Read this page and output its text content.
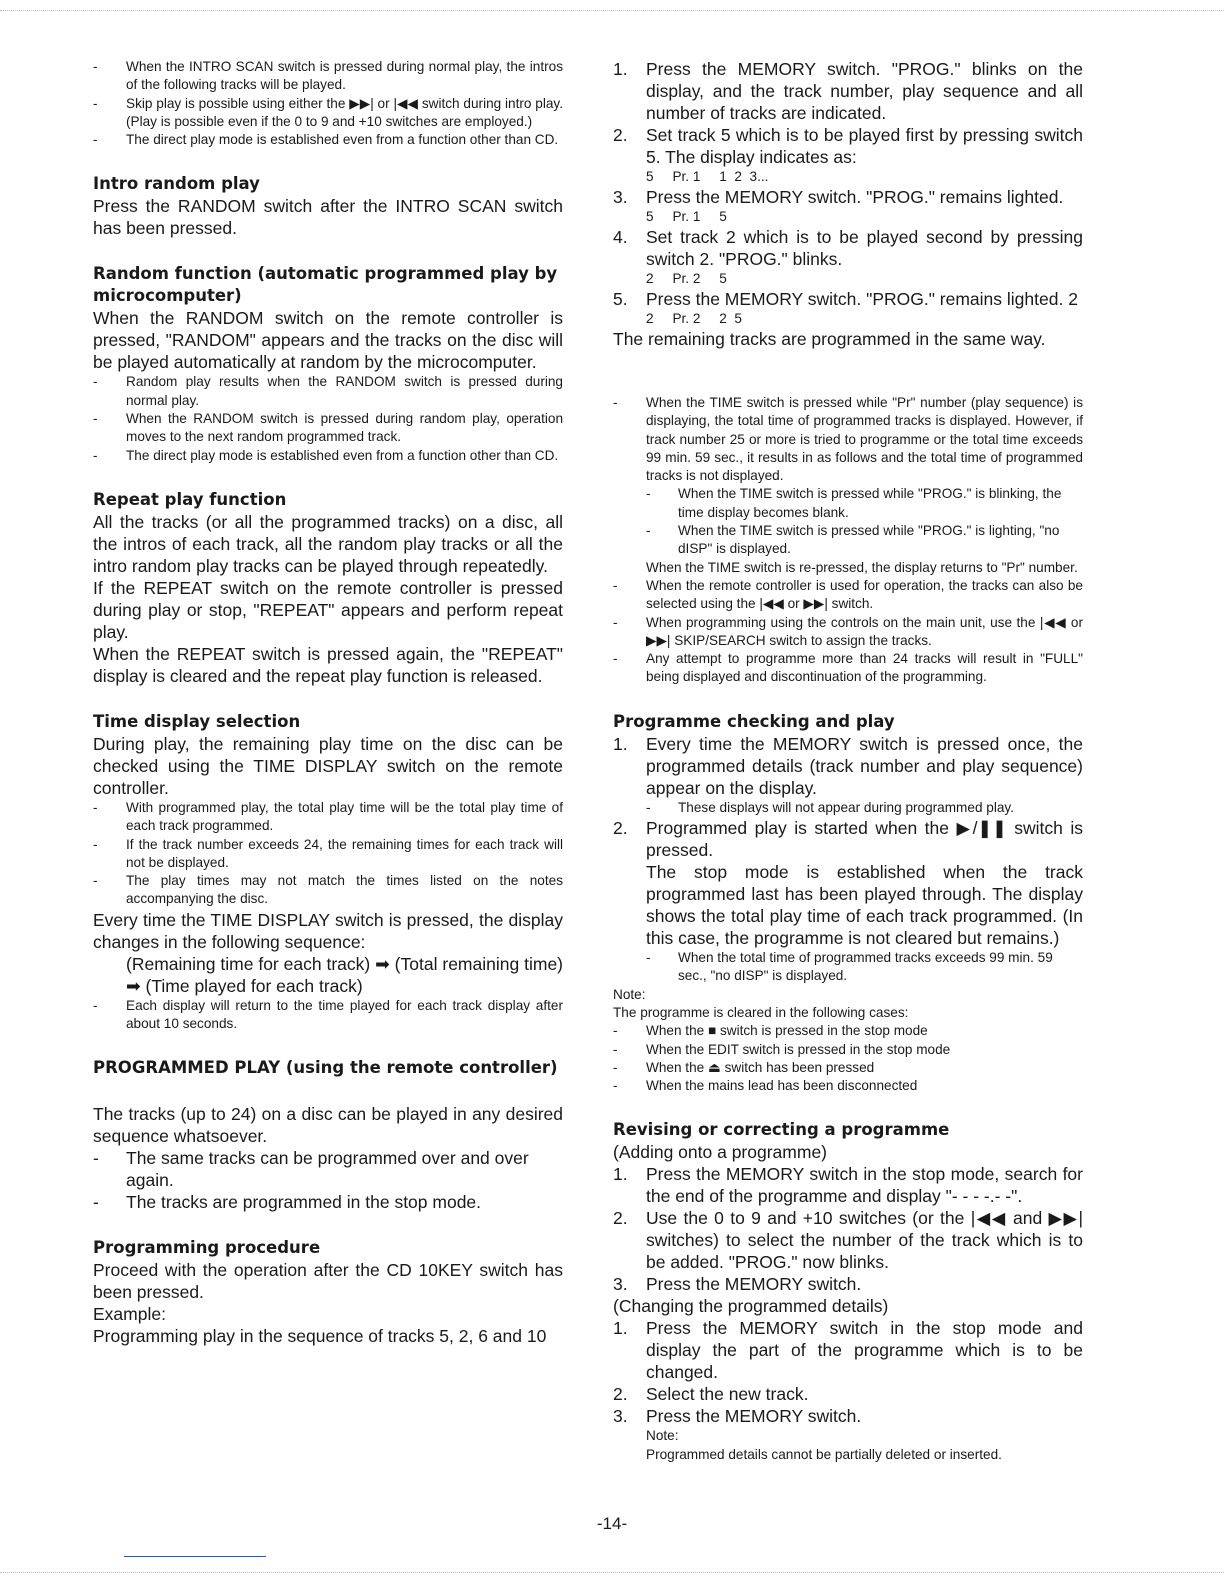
- When the INTRO SCAN switch is pressed during normal play, the intros of the following tracks will be played.

- Skip play is possible using either the ▶▶| or |◀◀ switch during intro play. (Play is possible even if the 0 to 9 and +10 switches are employed.)

- The direct play mode is established even from a function other than CD.

Intro random play

Press the RANDOM switch after the INTRO SCAN switch has been pressed.

Random function (automatic programmed play by microcomputer)

When the RANDOM switch on the remote controller is pressed, "RANDOM" appears and the tracks on the disc will be played automatically at random by the microcomputer.

- Random play results when the RANDOM switch is pressed during normal play.

- When the RANDOM switch is pressed during random play, operation moves to the next random programmed track.

- The direct play mode is established even from a function other than CD.

Repeat play function

All the tracks (or all the programmed tracks) on a disc, all the intros of each track, all the random play tracks or all the intro random play tracks can be played through repeatedly.

If the REPEAT switch on the remote controller is pressed during play or stop, "REPEAT" appears and perform repeat play.

When the REPEAT switch is pressed again, the "REPEAT" display is cleared and the repeat play function is released.

Time display selection

During play, the remaining play time on the disc can be checked using the TIME DISPLAY switch on the remote controller.

- With programmed play, the total play time will be the total play time of each track programmed.

- If the track number exceeds 24, the remaining times for each track will not be displayed.

- The play times may not match the times listed on the notes accompanying the disc.

Every time the TIME DISPLAY switch is pressed, the display changes in the following sequence:

(Remaining time for each track) ➡ (Total remaining time) ➡ (Time played for each track)

- Each display will return to the time played for each track display after about 10 seconds.

PROGRAMMED PLAY (using the remote controller)

The tracks (up to 24) on a disc can be played in any desired sequence whatsoever.

- The same tracks can be programmed over and over again.

- The tracks are programmed in the stop mode.

Programming procedure

Proceed with the operation after the CD 10KEY switch has been pressed.

Example:

Programming play in the sequence of tracks 5, 2, 6 and 10

1. Press the MEMORY switch. "PROG." blinks on the display, and the track number, play sequence and all number of tracks are indicated.
2. Set track 5 which is to be played first by pressing switch 5. The display indicates as:

5     Pr. 1     1  2  3...

3. Press the MEMORY switch. "PROG." remains lighted.

5     Pr. 1     5

4. Set track 2 which is to be played second by pressing switch 2. "PROG." blinks.

2     Pr. 2     5

5. Press the MEMORY switch. "PROG." remains lighted. 2

2     Pr. 2     2  5

The remaining tracks are programmed in the same way.

- When the TIME switch is pressed while "Pr" number (play sequence) is displaying, the total time of programmed tracks is displayed. However, if track number 25 or more is tried to programme or the total time exceeds 99 min. 59 sec., it results in as follows and the total time of programmed tracks is not displayed.

- When the TIME switch is pressed while "PROG." is blinking, the time display becomes blank.

- When the TIME switch is pressed while "PROG." is lighting, "no dISP" is displayed.

When the TIME switch is re-pressed, the display returns to "Pr" number.

- When the remote controller is used for operation, the tracks can also be selected using the |◀◀ or ▶▶| switch.

- When programming using the controls on the main unit, use the |◀◀ or ▶▶| SKIP/SEARCH switch to assign the tracks.

- Any attempt to programme more than 24 tracks will result in "FULL" being displayed and discontinuation of the programming.

Programme checking and play

1. Every time the MEMORY switch is pressed once, the programmed details (track number and play sequence) appear on the display.

- These displays will not appear during programmed play.

2. Programmed play is started when the ▶/❚❚ switch is pressed.

The stop mode is established when the track programmed last has been played through. The display shows the total play time of each track programmed. (In this case, the programme is not cleared but remains.)

- When the total time of programmed tracks exceeds 99 min. 59 sec., "no dISP" is displayed.

Note:

The programme is cleared in the following cases:

- When the ■ switch is pressed in the stop mode

- When the EDIT switch is pressed in the stop mode

- When the ⏏ switch has been pressed

- When the mains lead has been disconnected

Revising or correcting a programme

(Adding onto a programme)

1. Press the MEMORY switch in the stop mode, search for the end of the programme and display "- - - -.- -".
2. Use the 0 to 9 and +10 switches (or the |◀◀ and ▶▶| switches) to select the number of the track which is to be added. "PROG." now blinks.
3. Press the MEMORY switch.

(Changing the programmed details)

1. Press the MEMORY switch in the stop mode and display the part of the programme which is to be changed.
2. Select the new track.
3. Press the MEMORY switch.

Note:

Programmed details cannot be partially deleted or inserted.

-14-
